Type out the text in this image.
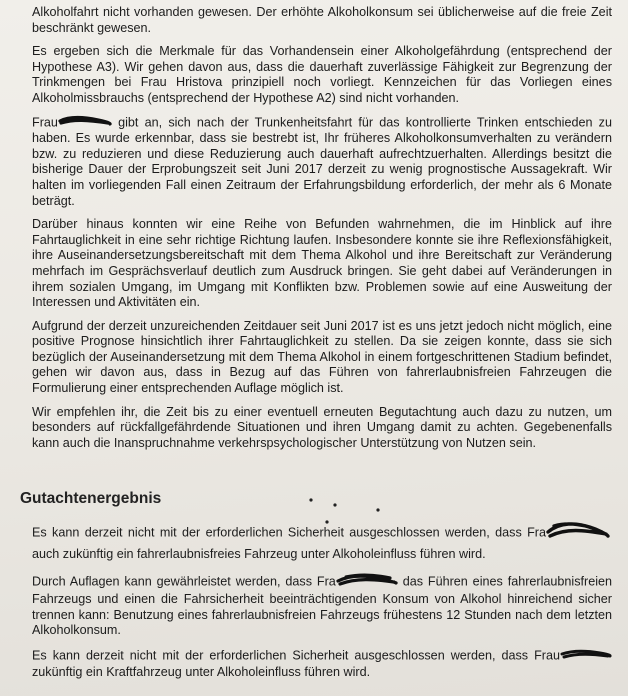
Alkoholfahrt nicht vorhanden gewesen. Der erhöhte Alkoholkonsum sei üblicherweise auf die freie Zeit beschränkt gewesen.

Es ergeben sich die Merkmale für das Vorhandensein einer Alkoholgefährdung (entsprechend der Hypothese A3). Wir gehen davon aus, dass die dauerhaft zuverlässige Fähigkeit zur Begrenzung der Trinkmengen bei Frau Hristova prinzipiell noch vorliegt. Kennzeichen für das Vorliegen eines Alkoholmissbrauchs (entsprechend der Hypothese A2) sind nicht vorhanden.

Frau	gibt an, sich nach der Trunkenheitsfahrt für das kontrollierte Trinken entschieden zu haben. Es wurde erkennbar, dass sie bestrebt ist, Ihr früheres Alkoholkonsumverhalten zu verändern bzw. zu reduzieren und diese Reduzierung auch dauerhaft aufrechtzuerhalten. Allerdings besitzt die bisherige Dauer der Erprobungszeit seit Juni 2017 derzeit zu wenig prognostische Aussagekraft. Wir halten im vorliegenden Fall einen Zeitraum der Erfahrungsbildung erforderlich, der mehr als 6 Monate beträgt.

Darüber hinaus konnten wir eine Reihe von Befunden wahrnehmen, die im Hinblick auf ihre Fahrtauglichkeit in eine sehr richtige Richtung laufen. Insbesondere konnte sie ihre Reflexionsfähigkeit, ihre Auseinandersetzungsbereitschaft mit dem Thema Alkohol und ihre Bereitschaft zur Veränderung mehrfach im Gesprächsverlauf deutlich zum Ausdruck bringen. Sie geht dabei auf Veränderungen in ihrem sozialen Umgang, im Umgang mit Konflikten bzw. Problemen sowie auf eine Ausweitung der Interessen und Aktivitäten ein.

Aufgrund der derzeit unzureichenden Zeitdauer seit Juni 2017 ist es uns jetzt jedoch nicht möglich, eine positive Prognose hinsichtlich ihrer Fahrtauglichkeit zu stellen. Da sie zeigen konnte, dass sie sich bezüglich der Auseinandersetzung mit dem Thema Alkohol in einem fortgeschrittenen Stadium befindet, gehen wir davon aus, dass in Bezug auf das Führen von fahrerlaubnisfreien Fahrzeugen die Formulierung einer entsprechenden Auflage möglich ist.

Wir empfehlen ihr, die Zeit bis zu einer eventuell erneuten Begutachtung auch dazu zu nutzen, um besonders auf rückfallgefährdende Situationen und ihren Umgang damit zu achten. Gegebenenfalls kann auch die Inanspruchnahme verkehrspsychologischer Unterstützung von Nutzen sein.

Gutachtenergebnis

Es kann derzeit nicht mit der erforderlichen Sicherheit ausgeschlossen werden, dass Fra auch zukünftig ein fahrerlaubnisfreies Fahrzeug unter Alkoholeinfluss führen wird.

Durch Auflagen kann gewährleistet werden, dass Fra	das Führen eines fahrerlaubnisfreien Fahrzeugs und einen die Fahrsicherheit beeinträchtigenden Konsum von Alkohol hinreichend sicher trennen kann: Benutzung eines fahrerlaubnisfreien Fahrzeugs frühestens 12 Stunden nach dem letzten Alkoholkonsum.

Es kann derzeit nicht mit der erforderlichen Sicherheit ausgeschlossen werden, dass Frau zukünftig ein Kraftfahrzeug unter Alkoholeinfluss führen wird.
